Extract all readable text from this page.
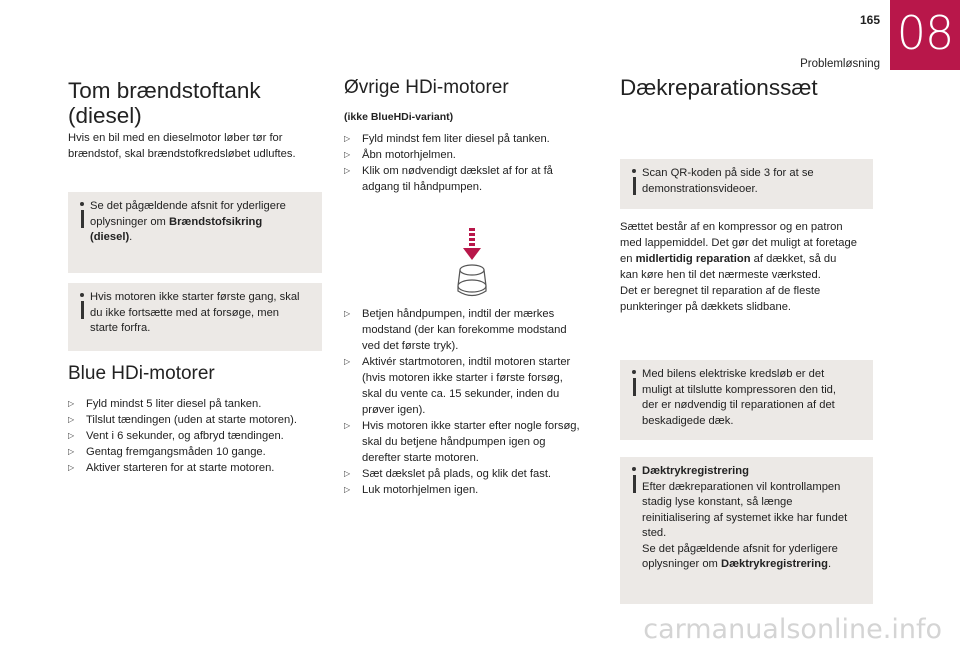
165
Problemløsning
08
Tom brændstoftank
(diesel)

Hvis en bil med en dieselmotor løber tør for
brændstof, skal brændstofkredsløbet udluftes.

Se det pågældende afsnit for yderligere
oplysninger om Brændstofsikring
(diesel).

Hvis motoren ikke starter første gang, skal
du ikke fortsætte med at forsøge, men
starte forfra.

Blue HDi-motorer
▷ Fyld mindst 5 liter diesel på tanken.
▷ Tilslut tændingen (uden at starte motoren).
▷ Vent i 6 sekunder, og afbryd tændingen.
▷ Gentag fremgangsmåden 10 gange.
▷ Aktiver starteren for at starte motoren.
Øvrige HDi-motorer

(ikke BlueHDi-variant)

▷ Fyld mindst fem liter diesel på tanken.
▷ Åbn motorhjelmen.
▷ Klik om nødvendigt dækslet af for at få
adgang til håndpumpen.
▷ Betjen håndpumpen, indtil der mærkes
modstand (der kan forekomme modstand
ved det første tryk).
▷ Aktivér startmotoren, indtil motoren starter
(hvis motoren ikke starter i første forsøg,
skal du vente ca. 15 sekunder, inden du
prøver igen).
▷ Hvis motoren ikke starter efter nogle forsøg,
skal du betjene håndpumpen igen og
derefter starte motoren.
▷ Sæt dækslet på plads, og klik det fast.
▷ Luk motorhjelmen igen.
Dækreparationssæt

Scan QR-koden på side 3 for at se
demonstrationsvideoer.

Sættet består af en kompressor og en patron
med lappemiddel. Det gør det muligt at foretage
en midlertidig reparation af dækket, så du
kan køre hen til det nærmeste værksted.
Det er beregnet til reparation af de fleste
punkteringer på dækkets slidbane.

Med bilens elektriske kredsløb er det
muligt at tilslutte kompressoren den tid,
der er nødvendig til reparationen af det
beskadigede dæk.

Dæktrykregistrering
Efter dækreparationen vil kontrollampen
stadig lyse konstant, så længe
reinitialisering af systemet ikke har fundet
sted.
Se det pågældende afsnit for yderligere
oplysninger om Dæktrykregistrering.

carmanualsonline.info
